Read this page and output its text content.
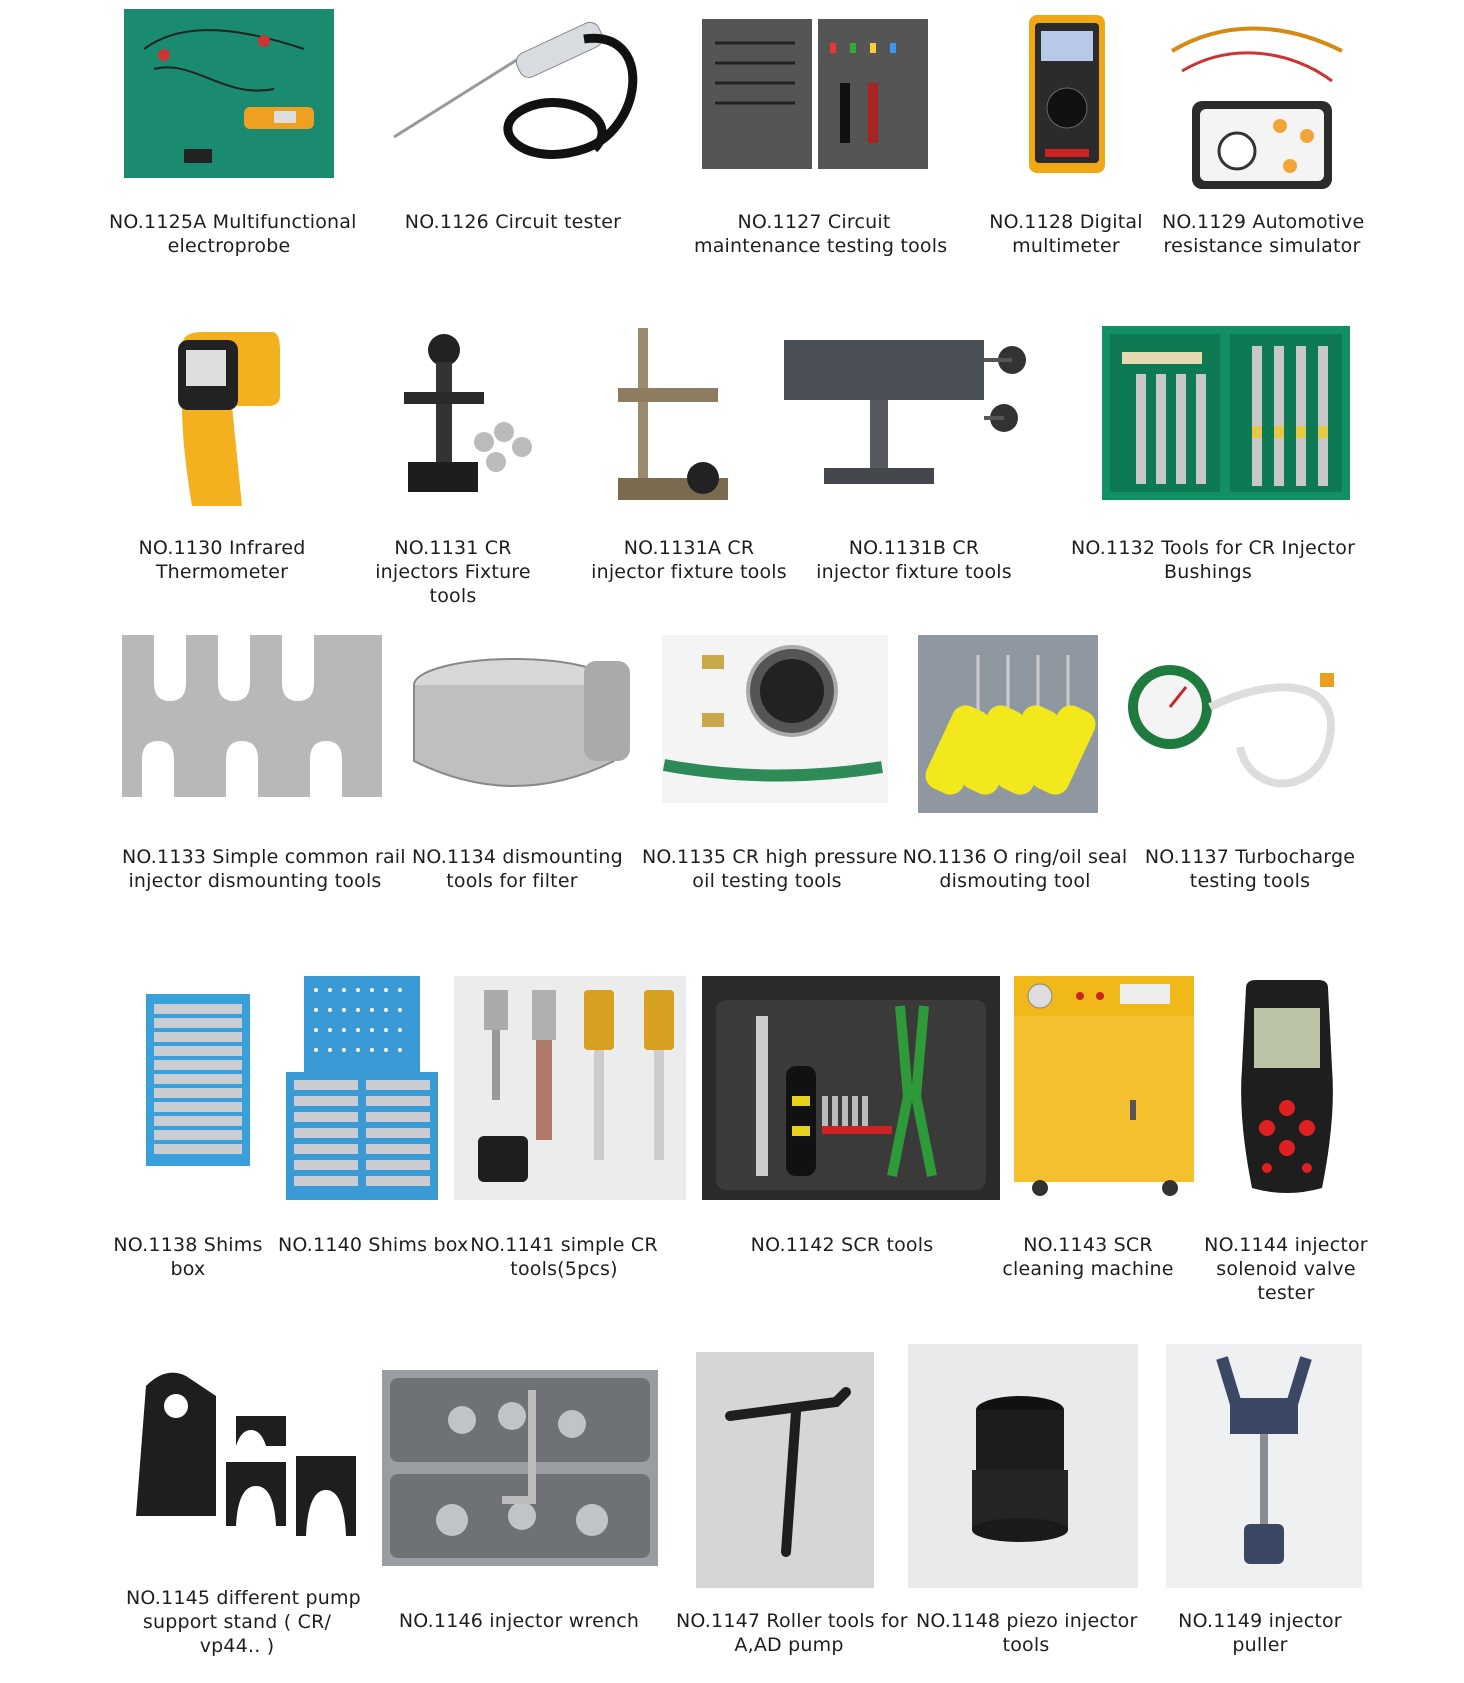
NO.1125A Multifunctional
electroprobe
NO.1126 Circuit tester	NO.1127 Circuit
maintenance testing tools
NO.1128 Digital
multimeter
NO.1129 Automotive
resistance simulator
NO.1130 Infrared
Thermometer
NO.1131 CR
injectors Fixture
tools
NO.1131A CR
injector fixture tools
NO.1131B CR
injector fixture tools
NO.1132 Tools for CR Injector
Bushings
NO.1133 Simple common rail
injector dismounting tools
NO.1134 dismounting
tools for filter
NO.1135 CR high pressure
oil testing tools
NO.1136 O ring/oil seal
dismouting tool
NO.1137 Turbocharge
testing tools
NO.1138 Shims
box
NO.1140 Shims box NO.1141 simple CR
tools(5pcs)
NO.1142 SCR tools	NO.1143 SCR
cleaning machine
NO.1144 injector
solenoid valve
tester
NO.1145 different pump
support stand ( CR/
vp44.. )
NO.1146 injector wrench NO.1147 Roller tools for
A,AD pump
NO.1148 piezo injector
tools
NO.1149 injector
puller
